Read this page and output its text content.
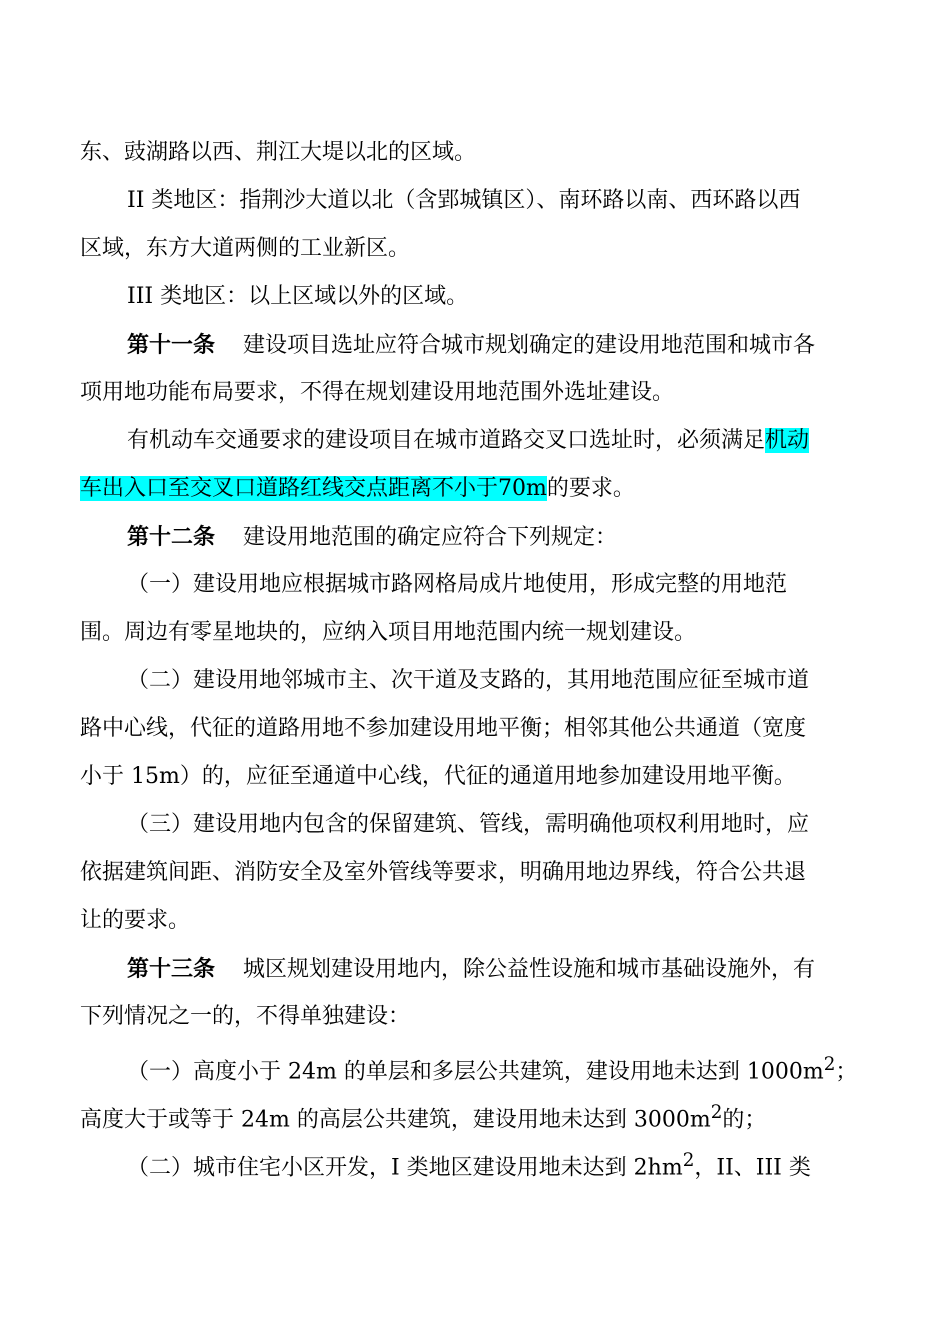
东、豉湖路以西、荆江大堤以北的区域。
II 类地区：指荆沙大道以北（含郢城镇区）、南环路以南、西环路以西
区域，东方大道两侧的工业新区。
III 类地区：以上区域以外的区域。
第十一条 建设项目选址应符合城市规划确定的建设用地范围和城市各
项用地功能布局要求，不得在规划建设用地范围外选址建设。
有机动车交通要求的建设项目在城市道路交叉口选址时，必须满足机动
车出入口至交叉口道路红线交点距离不小于70m的要求。
第十二条 建设用地范围的确定应符合下列规定：
（一）建设用地应根据城市路网格局成片地使用，形成完整的用地范
围。周边有零星地块的，应纳入项目用地范围内统一规划建设。
（二）建设用地邻城市主、次干道及支路的，其用地范围应征至城市道
路中心线，代征的道路用地不参加建设用地平衡；相邻其他公共通道（宽度
小于 15m）的，应征至通道中心线，代征的通道用地参加建设用地平衡。
（三）建设用地内包含的保留建筑、管线，需明确他项权利用地时，应
依据建筑间距、消防安全及室外管线等要求，明确用地边界线，符合公共退
让的要求。
第十三条 城区规划建设用地内，除公益性设施和城市基础设施外，有
下列情况之一的，不得单独建设：
（一）高度小于 24m 的单层和多层公共建筑，建设用地未达到 $1000m^2$；
高度大于或等于 24m 的高层公共建筑，建设用地未达到 $3000m^2$的；
（二）城市住宅小区开发，I 类地区建设用地未达到 $2hm^2$，II、III 类
